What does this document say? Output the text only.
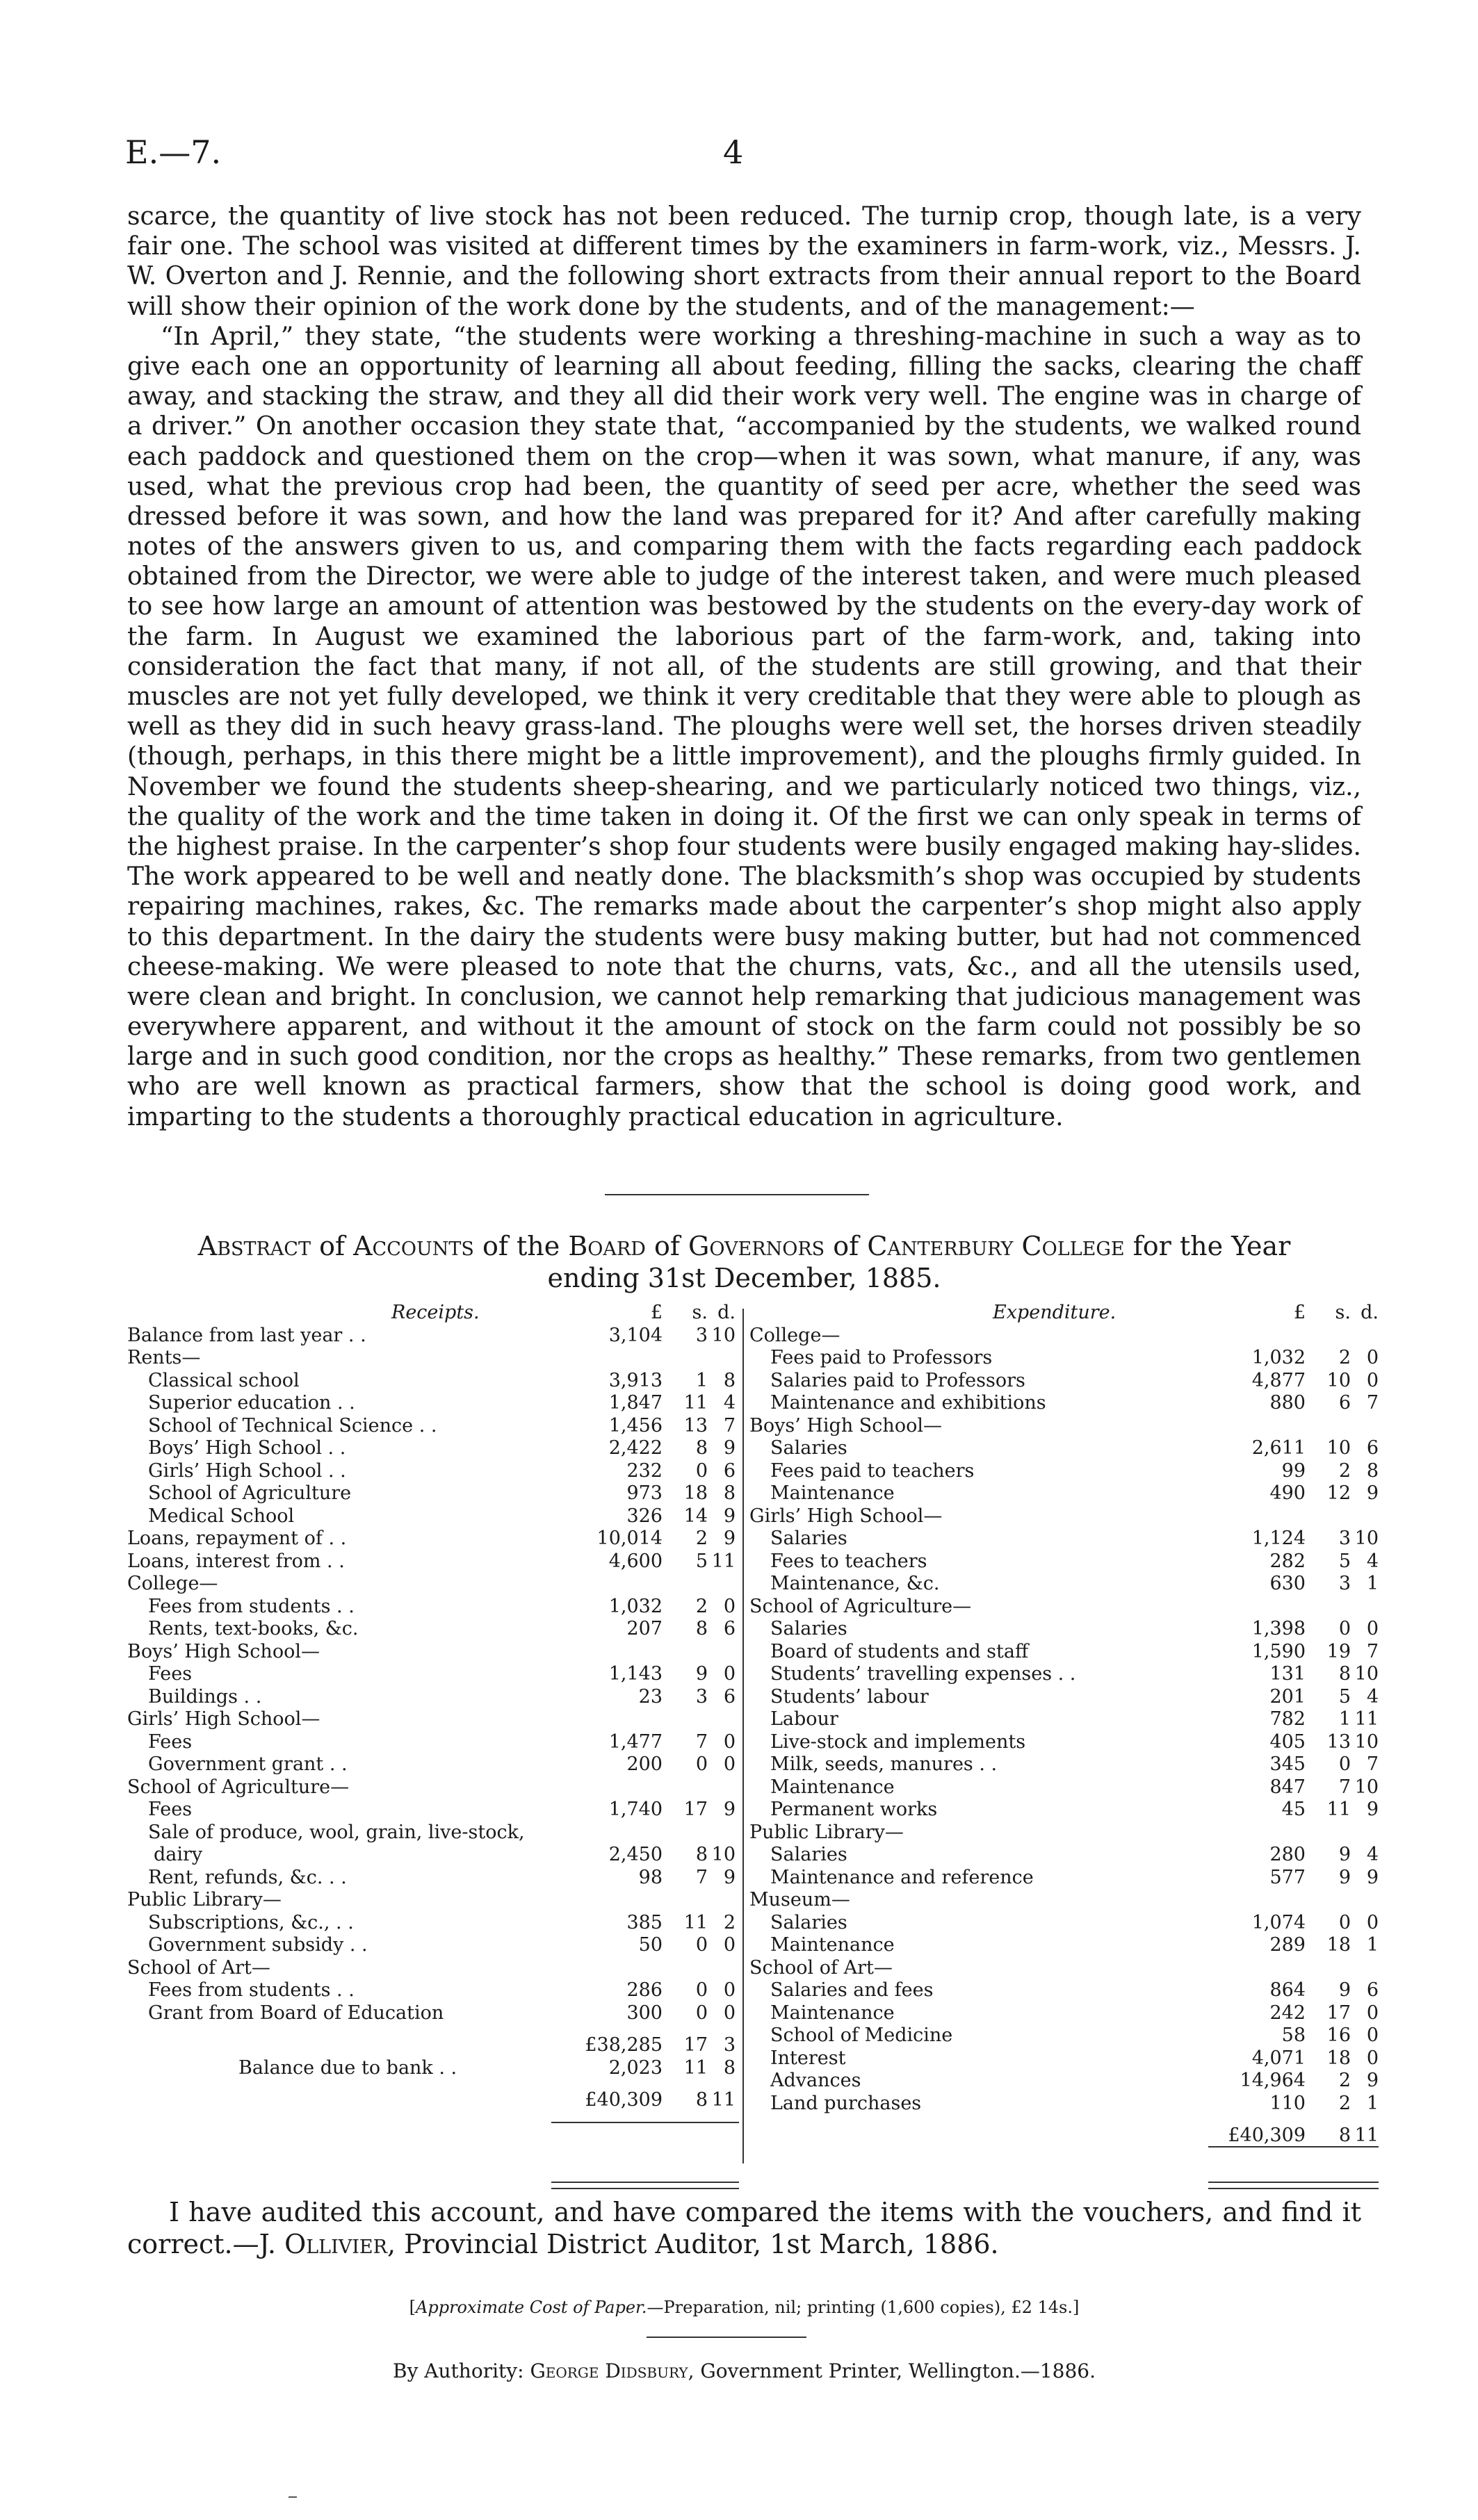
E.—7.	4

scarce, the quantity of live stock has not been reduced. The turnip crop, though late, is a very fair one. The school was visited at different times by the examiners in farm-work, viz., Messrs. J. W. Overton and J. Rennie, and the following short extracts from their annual report to the Board will show their opinion of the work done by the students, and of the management:—

“In April,” they state, “the students were working a threshing-machine in such a way as to give each one an opportunity of learning all about feeding, filling the sacks, clearing the chaff away, and stacking the straw, and they all did their work very well. The engine was in charge of a driver.” On another occasion they state that, “accompanied by the students, we walked round each paddock and questioned them on the crop—when it was sown, what manure, if any, was used, what the previous crop had been, the quantity of seed per acre, whether the seed was dressed before it was sown, and how the land was prepared for it? And after carefully making notes of the answers given to us, and comparing them with the facts regarding each paddock obtained from the Director, we were able to judge of the interest taken, and were much pleased to see how large an amount of attention was bestowed by the students on the every-day work of the farm. In August we examined the laborious part of the farm-work, and, taking into consideration the fact that many, if not all, of the students are still growing, and that their muscles are not yet fully developed, we think it very creditable that they were able to plough as well as they did in such heavy grass-land. The ploughs were well set, the horses driven steadily (though, perhaps, in this there might be a little improvement), and the ploughs firmly guided. In November we found the students sheep-shearing, and we particularly noticed two things, viz., the quality of the work and the time taken in doing it. Of the first we can only speak in terms of the highest praise. In the carpenter’s shop four students were busily engaged making hay-slides. The work appeared to be well and neatly done. The blacksmith’s shop was occupied by students repairing machines, rakes, &c. The remarks made about the carpenter’s shop might also apply to this department. In the dairy the students were busy making butter, but had not commenced cheese-making. We were pleased to note that the churns, vats, &c., and all the utensils used, were clean and bright. In conclusion, we cannot help remarking that judicious management was everywhere apparent, and without it the amount of stock on the farm could not possibly be so large and in such good condition, nor the crops as healthy.” These remarks, from two gentlemen who are well known as practical farmers, show that the school is doing good work, and imparting to the students a thoroughly practical education in agriculture.

Abstract of Accounts of the Board of Governors of Canterbury College for the Year
ending 31st December, 1885.
Receipts.	£	s. d.
Balance from last year . .	3,104	3 10
Rents—
Classical school	3,913	1 8
Superior education . .	1,847	11 4
School of Technical Science . .	1,456	13 7
Boys’ High School . .	2,422	8 9
Girls’ High School . .	232	0 6
School of Agriculture	973	18 8
Medical School	326	14 9
Loans, repayment of . .	10,014	2 9
Loans, interest from . .	4,600	5 11
College—
Fees from students . .	1,032	2 0
Rents, text-books, &c.	207	8 6
Boys’ High School—
Fees	1,143	9 0
Buildings . .	23	3 6
Girls’ High School—
Fees	1,477	7 0
Government grant . .	200	0 0
School of Agriculture—
Fees	1,740	17 9
Sale of produce, wool, grain, live-stock,
dairy	2,450	8 10
Rent, refunds, &c. . .	98	7 9
Public Library—
Subscriptions, &c., . .	385	11 2
Government subsidy . .	50	0 0
School of Art—
Fees from students . .	286	0 0
Grant from Board of Education	300	0 0
£38,285	17 3
Balance due to bank . .	2,023	11 8
£40,309	8 11
Expenditure.	£	s. d.
College—
Fees paid to Professors	1,032	2 0
Salaries paid to Professors	4,877	10 0
Maintenance and exhibitions	880	6 7
Boys’ High School—
Salaries	2,611	10 6
Fees paid to teachers	99	2 8
Maintenance	490	12 9
Girls’ High School—
Salaries	1,124	3 10
Fees to teachers	282	5 4
Maintenance, &c.	630	3 1
School of Agriculture—
Salaries	1,398	0 0
Board of students and staff	1,590	19 7
Students’ travelling expenses . .	131	8 10
Students’ labour	201	5 4
Labour	782	1 11
Live-stock and implements	405	13 10
Milk, seeds, manures . .	345	0 7
Maintenance	847	7 10
Permanent works	45	11 9
Public Library—
Salaries	280	9 4
Maintenance and reference	577	9 9
Museum—
Salaries	1,074	0 0
Maintenance	289	18 1
School of Art—
Salaries and fees	864	9 6
Maintenance	242	17 0
School of Medicine	58	16 0
Interest	4,071	18 0
Advances	14,964	2 9
Land purchases	110	2 1
£40,309	8 11
I have audited this account, and have compared the items with the vouchers, and find it correct.—J. Ollivier, Provincial District Auditor, 1st March, 1886.
[Approximate Cost of Paper.—Preparation, nil; printing (1,600 copies), £2 14s.]
By Authority: George Didsbury, Government Printer, Wellington.—1886.
